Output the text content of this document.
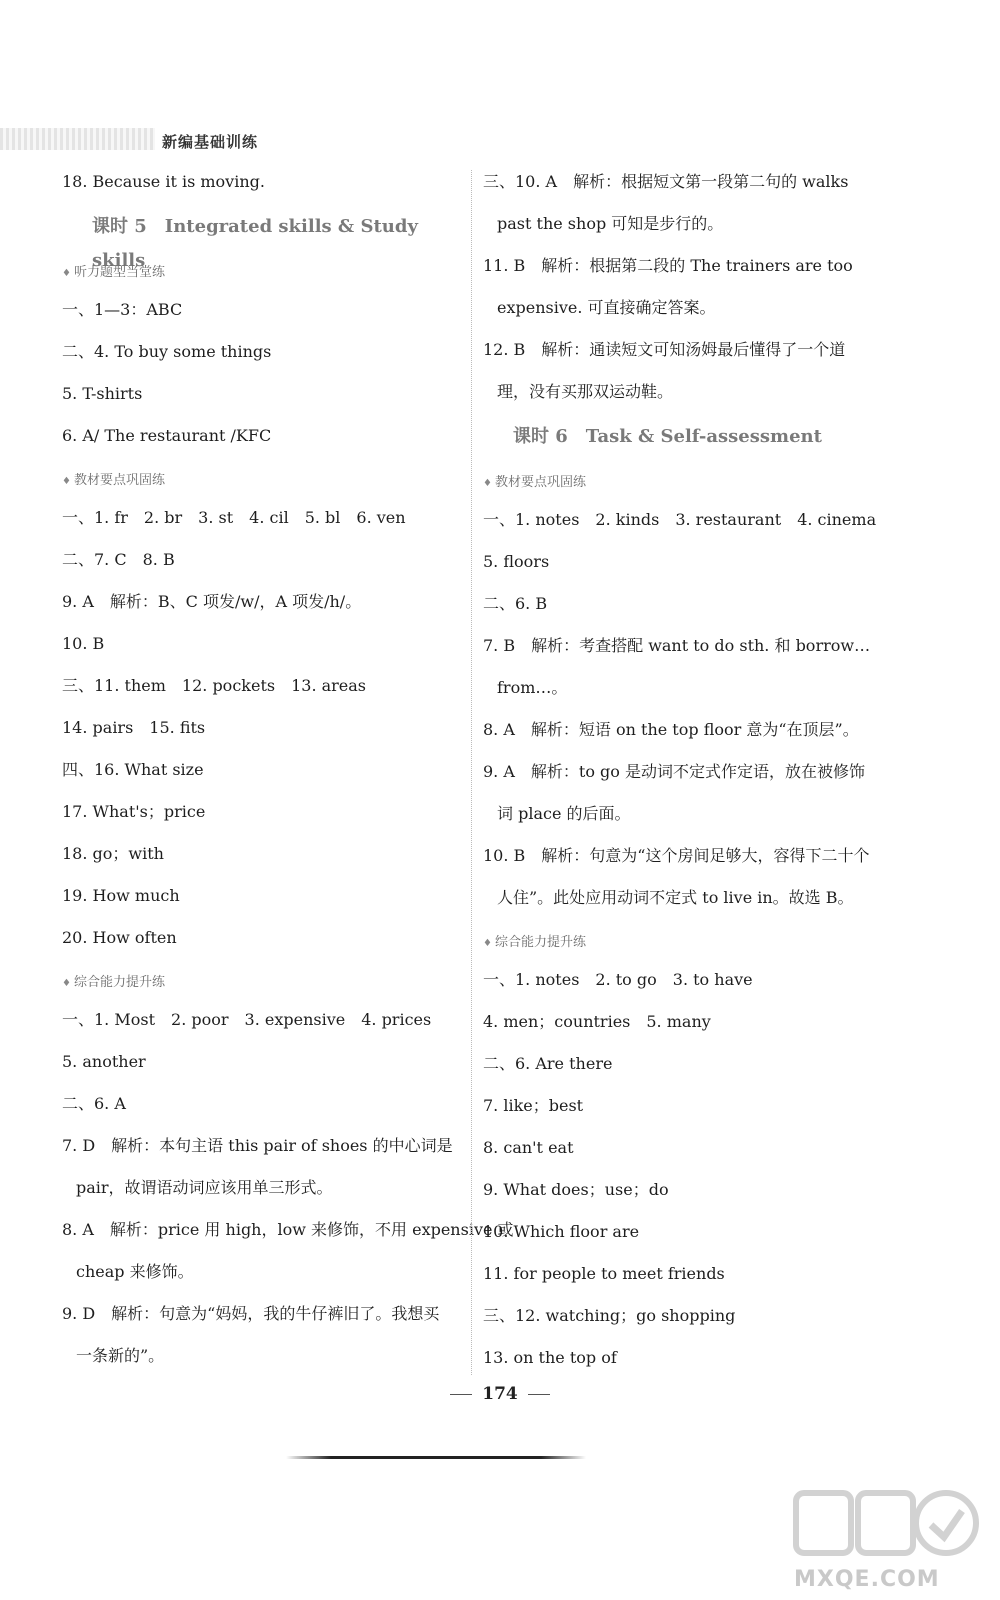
新编基础训练
18. Because it is moving.
课时 5　Integrated skills & Study skills
♦ 听力题型当堂练
一、1—3：ABC
二、4. To buy some things
5. T-shirts
6. A/ The restaurant /KFC
♦ 教材要点巩固练
一、1. fr　2. br　3. st　4. cil　5. bl　6. ven
二、7. C　8. B
9. A　解析：B、C 项发/w/，A 项发/h/。
10. B
三、11. them　12. pockets　13. areas
14. pairs　15. fits
四、16. What size
17. What's；price
18. go；with
19. How much
20. How often
♦ 综合能力提升练
一、1. Most　2. poor　3. expensive　4. prices
5. another
二、6. A
7. D　解析：本句主语 this pair of shoes 的中心词是
pair，故谓语动词应该用单三形式。
8. A　解析：price 用 high，low 来修饰，不用 expensive 或
cheap 来修饰。
9. D　解析：句意为“妈妈，我的牛仔裤旧了。我想买
一条新的”。
三、10. A　解析：根据短文第一段第二句的 walks
past the shop 可知是步行的。
11. B　解析：根据第二段的 The trainers are too
expensive. 可直接确定答案。
12. B　解析：通读短文可知汤姆最后懂得了一个道
理，没有买那双运动鞋。
课时 6　Task & Self-assessment
♦ 教材要点巩固练
一、1. notes　2. kinds　3. restaurant　4. cinema
5. floors
二、6. B
7. B　解析：考查搭配 want to do sth. 和 borrow…
from…。
8. A　解析：短语 on the top floor 意为“在顶层”。
9. A　解析：to go 是动词不定式作定语，放在被修饰
词 place 的后面。
10. B　解析：句意为“这个房间足够大，容得下二十个
人住”。此处应用动词不定式 to live in。故选 B。
♦ 综合能力提升练
一、1. notes　2. to go　3. to have
4. men；countries　5. many
二、6. Are there
7. like；best
8. can't eat
9. What does；use；do
10. Which floor are
11. for people to meet friends
三、12. watching；go shopping
13. on the top of
174
MXQE.COM
